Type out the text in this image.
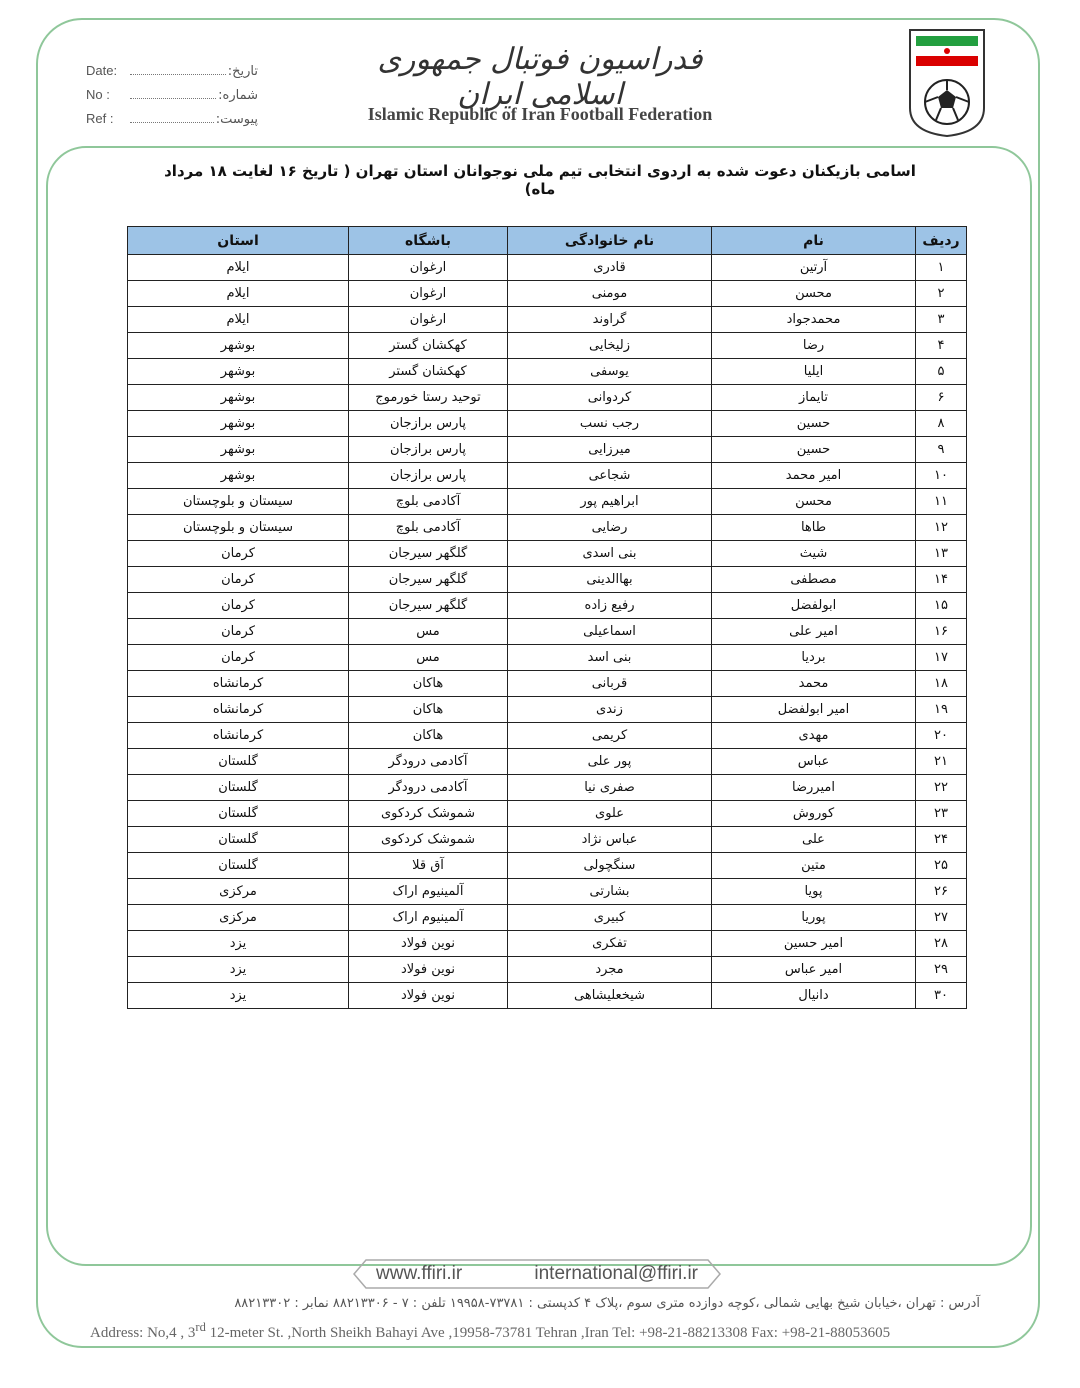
Date:	تاریخ:
No :	شماره:
Ref :	پیوست:
فدراسیون فوتبال جمهوری اسلامی ایران
Islamic Republic of Iran Football Federation
اسامی بازیکنان دعوت شده به اردوی انتخابی تیم ملی نوجوانان استان تهران ( تاریخ ۱۶ لغایت ۱۸ مرداد ماه)
ردیف	نام	نام خانوادگی	باشگاه	استان
۱	آرتین	قادری	ارغوان	ایلام
۲	محسن	مومنی	ارغوان	ایلام
۳	محمدجواد	گراوند	ارغوان	ایلام
۴	رضا	زلیخایی	کهکشان گستر	بوشهر
۵	ایلیا	یوسفی	کهکشان گستر	بوشهر
۶	تایماز	کردوانی	توحید رستا خورموج	بوشهر
۸	حسین	رجب نسب	پارس برازجان	بوشهر
۹	حسین	میرزایی	پارس برازجان	بوشهر
۱۰	امیر محمد	شجاعی	پارس برازجان	بوشهر
۱۱	محسن	ابراهیم پور	آکادمی بلوچ	سیستان و بلوچستان
۱۲	طاها	رضایی	آکادمی بلوچ	سیستان و بلوچستان
۱۳	شیث	بنی اسدی	گلگهر سیرجان	کرمان
۱۴	مصطفی	بهاالدینی	گلگهر سیرجان	کرمان
۱۵	ابولفضل	رفیع زاده	گلگهر سیرجان	کرمان
۱۶	امیر علی	اسماعیلی	مس	کرمان
۱۷	بردیا	بنی اسد	مس	کرمان
۱۸	محمد	قربانی	هاکان	کرمانشاه
۱۹	امیر ابولفضل	زندی	هاکان	کرمانشاه
۲۰	مهدی	کریمی	هاکان	کرمانشاه
۲۱	عباس	پور علی	آکادمی درودگر	گلستان
۲۲	امیررضا	صفری نیا	آکادمی درودگر	گلستان
۲۳	کوروش	علوی	شموشک کردکوی	گلستان
۲۴	علی	عباس نژاد	شموشک کردکوی	گلستان
۲۵	متین	سنگچولی	آق قلا	گلستان
۲۶	پویا	بشارتی	آلمینیوم اراک	مرکزی
۲۷	پوریا	کبیری	آلمینیوم اراک	مرکزی
۲۸	امیر حسین	تفکری	نوین فولاد	یزد
۲۹	امیر عباس	مجرد	نوین فولاد	یزد
۳۰	دانیال	شیخعلیشاهی	نوین فولاد	یزد
www.ffiri.ir	international@ffiri.ir
آدرس : تهران ،خیابان شیخ بهایی شمالی ،کوچه دوازده متری سوم ،پلاک ۴ کدپستی : ۷۳۷۸۱-۱۹۹۵۸ تلفن : ۷ - ۸۸۲۱۳۳۰۶ نمابر : ۸۸۲۱۳۳۰۲
Address: No,4 , 3rd 12-meter St. ,North Sheikh Bahayi Ave ,19958-73781 Tehran ,Iran Tel: +98-21-88213308 Fax: +98-21-88053605
